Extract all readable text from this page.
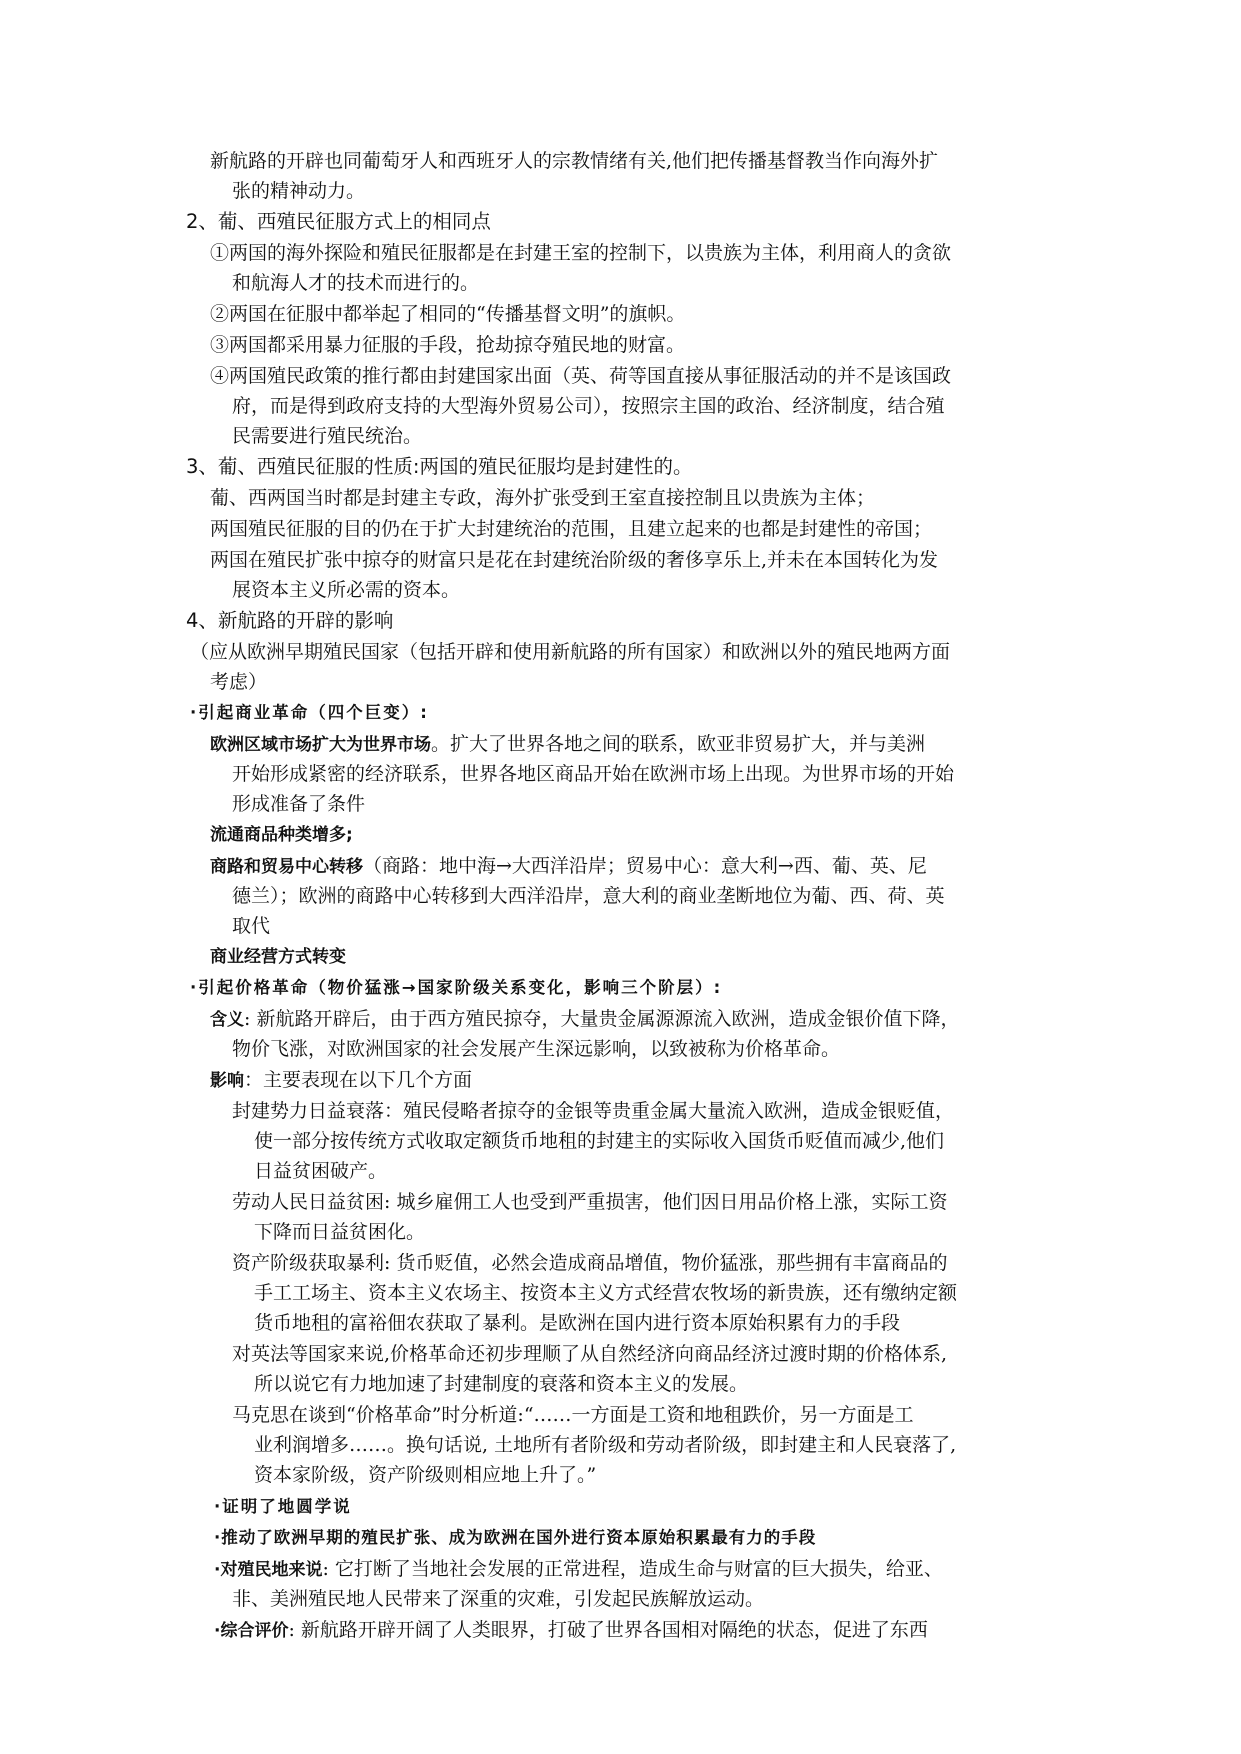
新航路的开辟也同葡萄牙人和西班牙人的宗教情绪有关,他们把传播基督教当作向海外扩

张的精神动力。

2、葡、西殖民征服方式上的相同点

①两国的海外探险和殖民征服都是在封建王室的控制下，以贵族为主体，利用商人的贪欲

和航海人才的技术而进行的。

②两国在征服中都举起了相同的“传播基督文明”的旗帜。

③两国都采用暴力征服的手段，抢劫掠夺殖民地的财富。

④两国殖民政策的推行都由封建国家出面（英、荷等国直接从事征服活动的并不是该国政

府，而是得到政府支持的大型海外贸易公司），按照宗主国的政治、经济制度，结合殖

民需要进行殖民统治。

3、葡、西殖民征服的性质:两国的殖民征服均是封建性的。

葡、西两国当时都是封建主专政，海外扩张受到王室直接控制且以贵族为主体；

两国殖民征服的目的仍在于扩大封建统治的范围，且建立起来的也都是封建性的帝国；

两国在殖民扩张中掠夺的财富只是花在封建统治阶级的奢侈享乐上,并未在本国转化为发

展资本主义所必需的资本。

4、新航路的开辟的影响

（应从欧洲早期殖民国家（包括开辟和使用新航路的所有国家）和欧洲以外的殖民地两方面

考虑）

·引起商业革命（四个巨变）:

欧洲区域市场扩大为世界市场。扩大了世界各地之间的联系，欧亚非贸易扩大，并与美洲

开始形成紧密的经济联系，世界各地区商品开始在欧洲市场上出现。为世界市场的开始

形成准备了条件

流通商品种类增多;

商路和贸易中心转移（商路：地中海→大西洋沿岸；贸易中心：意大利→西、葡、英、尼

德兰）；欧洲的商路中心转移到大西洋沿岸，意大利的商业垄断地位为葡、西、荷、英

取代

商业经营方式转变

·引起价格革命（物价猛涨→国家阶级关系变化，影响三个阶层）:

含义: 新航路开辟后，由于西方殖民掠夺，大量贵金属源源流入欧洲，造成金银价值下降，

物价飞涨，对欧洲国家的社会发展产生深远影响，以致被称为价格革命。

影响：主要表现在以下几个方面

封建势力日益衰落：殖民侵略者掠夺的金银等贵重金属大量流入欧洲，造成金银贬值，

使一部分按传统方式收取定额货币地租的封建主的实际收入国货币贬值而减少,他们

日益贫困破产。

劳动人民日益贫困: 城乡雇佣工人也受到严重损害，他们因日用品价格上涨，实际工资

下降而日益贫困化。

资产阶级获取暴利: 货币贬值，必然会造成商品增值，物价猛涨，那些拥有丰富商品的

手工工场主、资本主义农场主、按资本主义方式经营农牧场的新贵族，还有缴纳定额

货币地租的富裕佃农获取了暴利。是欧洲在国内进行资本原始积累有力的手段

对英法等国家来说,价格革命还初步理顺了从自然经济向商品经济过渡时期的价格体系,

所以说它有力地加速了封建制度的衰落和资本主义的发展。

马克思在谈到“价格革命”时分析道:“……一方面是工资和地租跌价，另一方面是工

业利润增多……。换句话说, 土地所有者阶级和劳动者阶级，即封建主和人民衰落了,

资本家阶级，资产阶级则相应地上升了。”

·证明了地圆学说

·推动了欧洲早期的殖民扩张、成为欧洲在国外进行资本原始积累最有力的手段

·对殖民地来说: 它打断了当地社会发展的正常进程，造成生命与财富的巨大损失，给亚、

非、美洲殖民地人民带来了深重的灾难，引发起民族解放运动。

·综合评价: 新航路开辟开阔了人类眼界，打破了世界各国相对隔绝的状态，促进了东西
